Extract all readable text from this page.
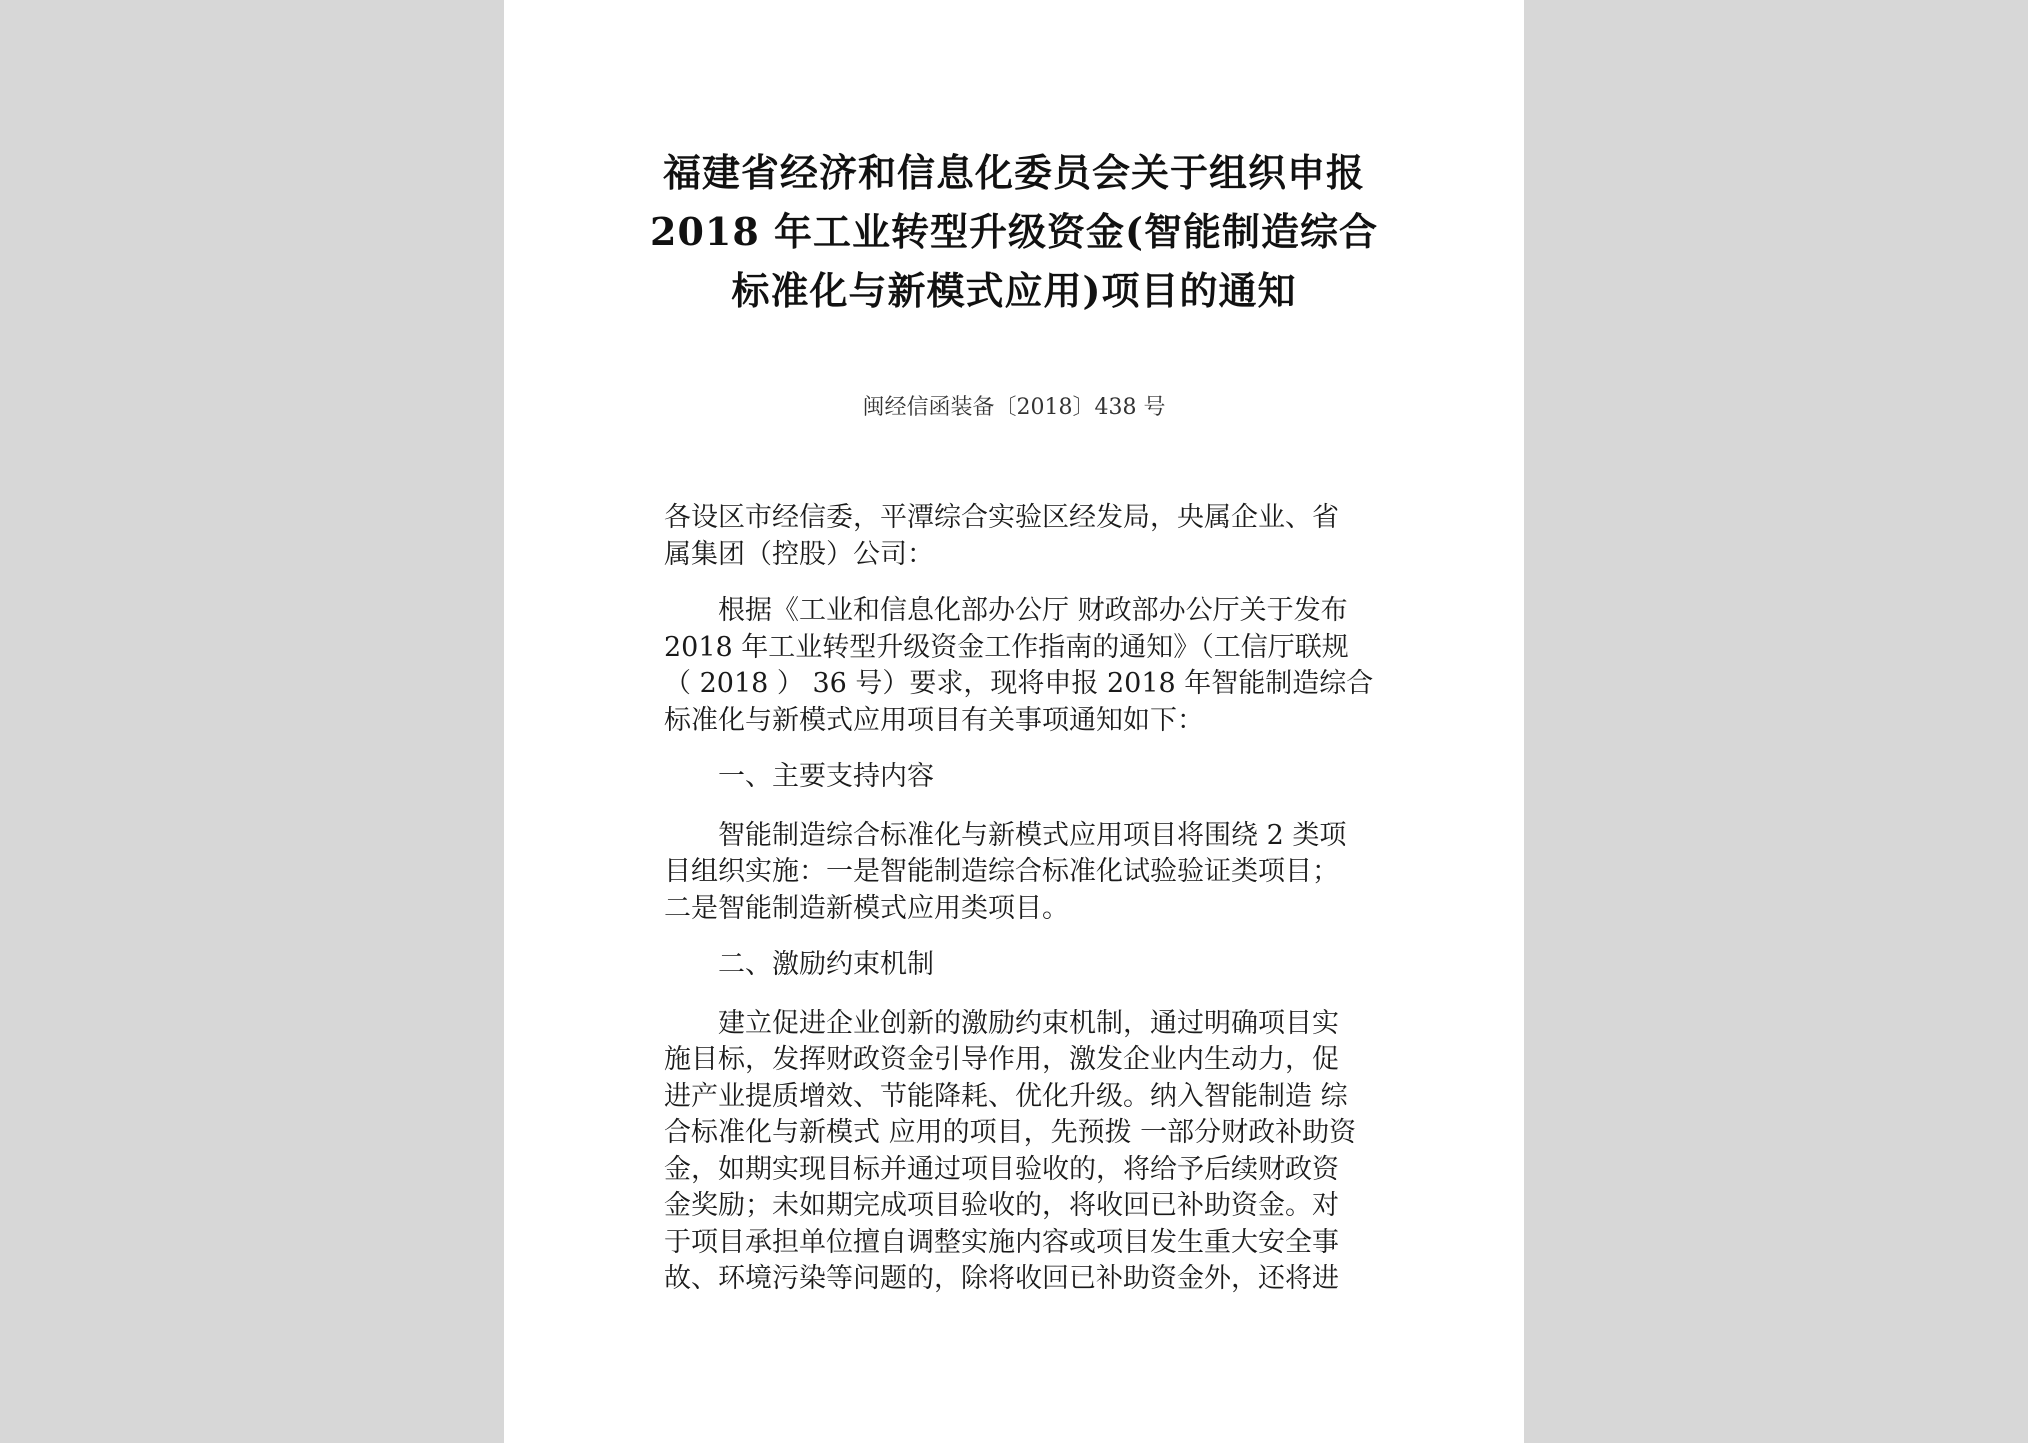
福建省经济和信息化委员会关于组织申报
2018 年工业转型升级资金(智能制造综合
标准化与新模式应用)项目的通知
闽经信函装备〔2018〕438 号
各设区市经信委，平潭综合实验区经发局，央属企业、省
属集团（控股）公司：
根据《工业和信息化部办公厅 财政部办公厅关于发布
2018 年工业转型升级资金工作指南的通知》（工信厅联规
（ 2018 ） 36 号）要求，现将申报 2018 年智能制造综合
标准化与新模式应用项目有关事项通知如下：
一、主要支持内容
智能制造综合标准化与新模式应用项目将围绕 2 类项
目组织实施：一是智能制造综合标准化试验验证类项目；
二是智能制造新模式应用类项目。
二、激励约束机制
建立促进企业创新的激励约束机制，通过明确项目实
施目标，发挥财政资金引导作用，激发企业内生动力，促
进产业提质增效、节能降耗、优化升级。纳入智能制造 综
合标准化与新模式 应用的项目，先预拨 一部分财政补助资
金，如期实现目标并通过项目验收的，将给予后续财政资
金奖励；未如期完成项目验收的，将收回已补助资金。对
于项目承担单位擅自调整实施内容或项目发生重大安全事
故、环境污染等问题的，除将收回已补助资金外，还将进
